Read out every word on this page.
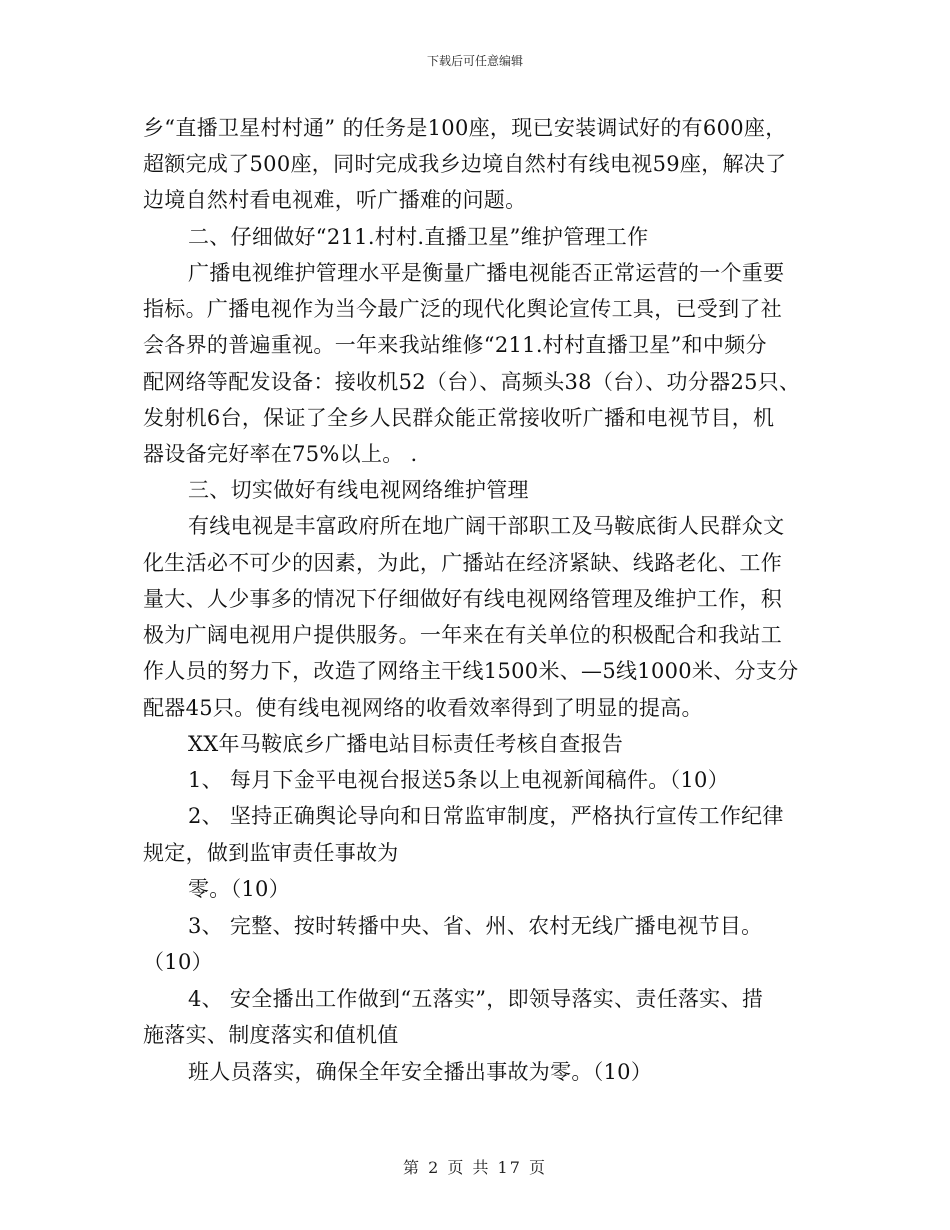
下载后可任意编辑
乡“直播卫星村村通” 的任务是100座，现已安装调试好的有600座，
超额完成了500座，同时完成我乡边境自然村有线电视59座，解决了
边境自然村看电视难，听广播难的问题。
二、仔细做好“211.村村.直播卫星”维护管理工作
广播电视维护管理水平是衡量广播电视能否正常运营的一个重要
指标。广播电视作为当今最广泛的现代化舆论宣传工具，已受到了社
会各界的普遍重视。一年来我站维修“211.村村直播卫星”和中频分
配网络等配发设备：接收机52（台）、高频头38（台）、功分器25只、
发射机6台，保证了全乡人民群众能正常接收听广播和电视节目，机
器设备完好率在75%以上。 .
三、切实做好有线电视网络维护管理
有线电视是丰富政府所在地广阔干部职工及马鞍底街人民群众文
化生活必不可少的因素，为此，广播站在经济紧缺、线路老化、工作
量大、人少事多的情况下仔细做好有线电视网络管理及维护工作，积
极为广阔电视用户提供服务。一年来在有关单位的积极配合和我站工
作人员的努力下，改造了网络主干线1500米、—5线1000米、分支分
配器45只。使有线电视网络的收看效率得到了明显的提高。
XX年马鞍底乡广播电站目标责任考核自查报告
1、 每月下金平电视台报送5条以上电视新闻稿件。（10）
2、 坚持正确舆论导向和日常监审制度，严格执行宣传工作纪律
规定，做到监审责任事故为
零。（10）
3、 完整、按时转播中央、省、州、农村无线广播电视节目。
（10）
4、 安全播出工作做到“五落实”，即领导落实、责任落实、措
施落实、制度落实和值机值
班人员落实，确保全年安全播出事故为零。（10）
第 2 页 共 17 页
